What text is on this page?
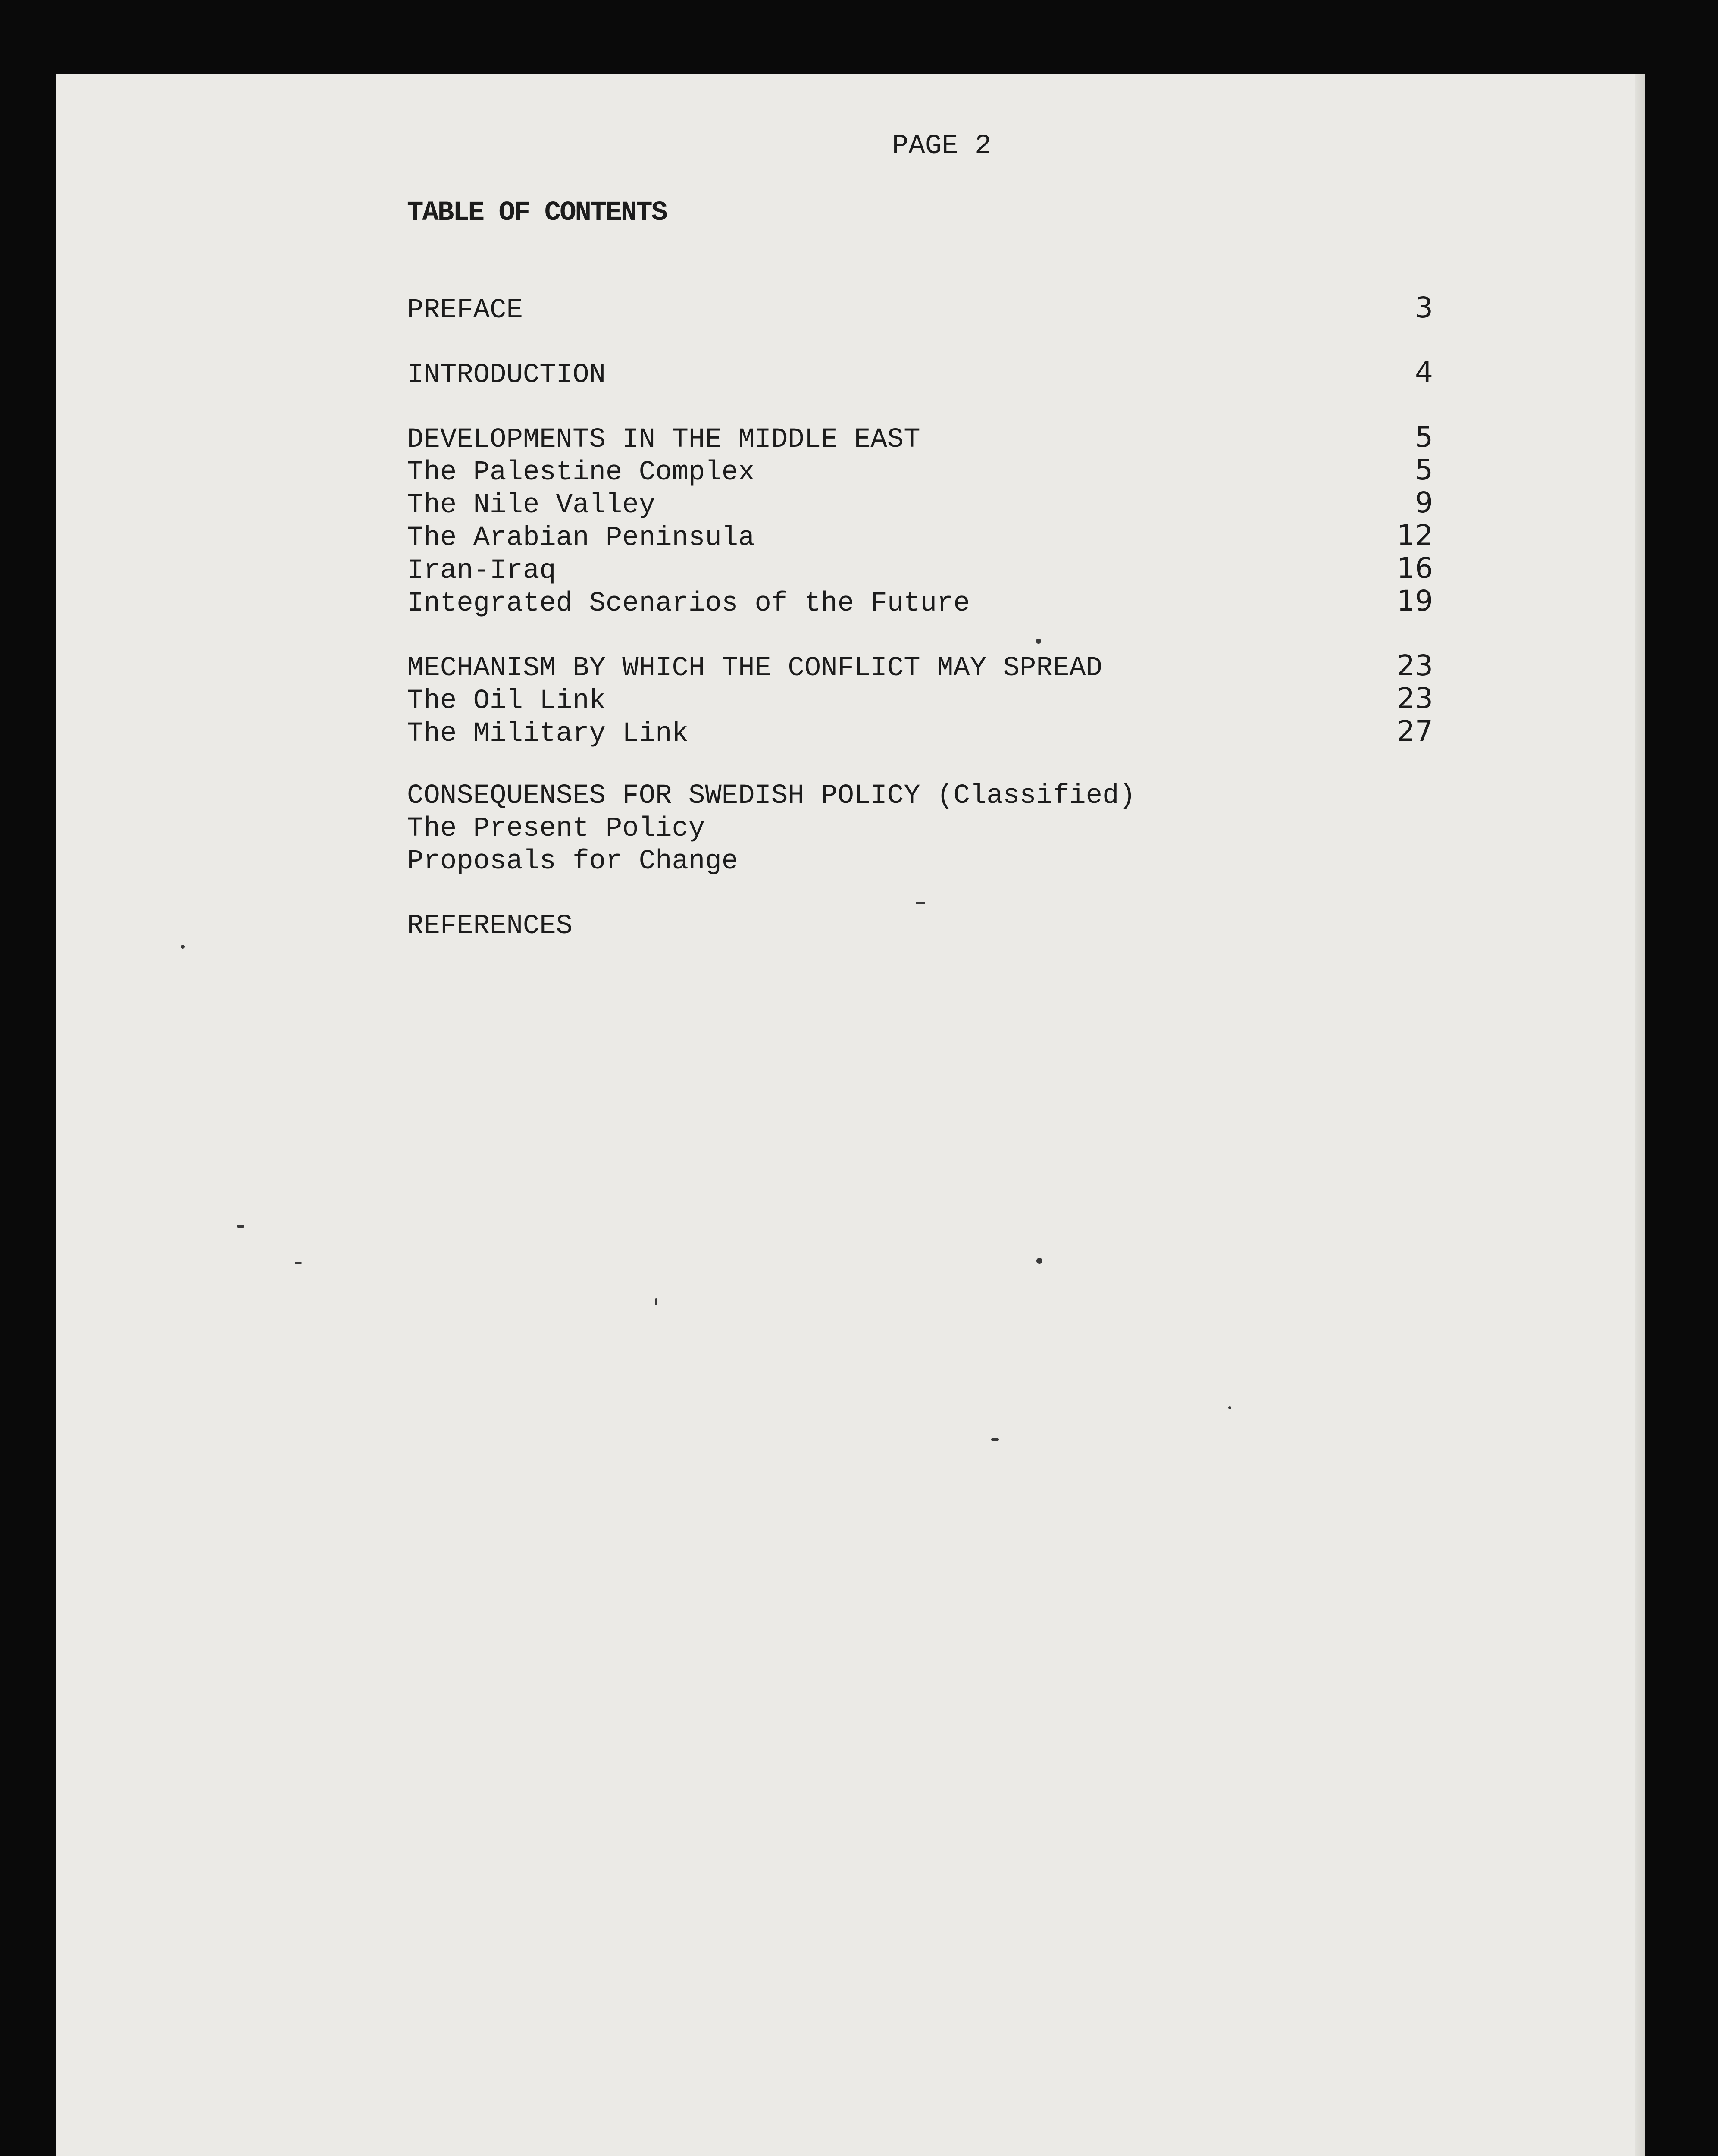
PAGE 2

TABLE OF CONTENTS

PREFACE	3
INTRODUCTION	4
DEVELOPMENTS IN THE MIDDLE EAST	5
The Palestine Complex	5
The Nile Valley	9
The Arabian Peninsula	12
Iran-Iraq	16
Integrated Scenarios of the Future	19
MECHANISM BY WHICH THE CONFLICT MAY SPREAD	23
The Oil Link	23
The Military Link	27
CONSEQUENSES FOR SWEDISH POLICY (Classified)
The Present Policy
Proposals for Change
REFERENCES
